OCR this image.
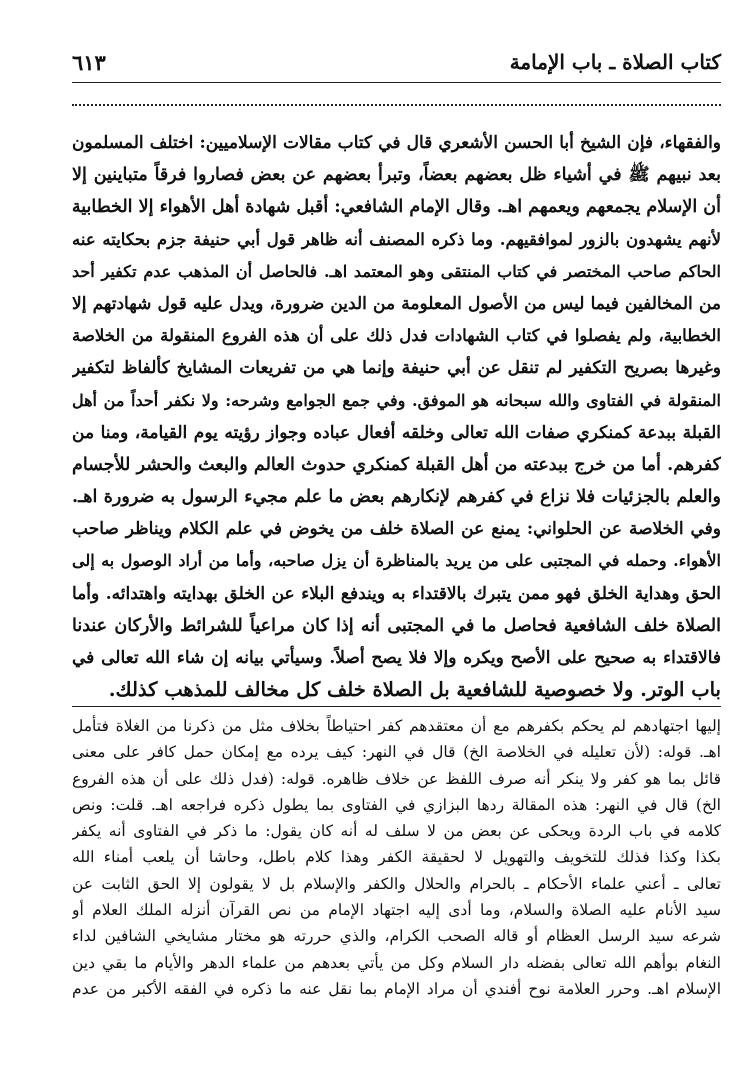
كتاب الصلاة ـ باب الإمامة
٦١٣
والفقهاء، فإن الشيخ أبا الحسن الأشعري قال في كتاب مقالات الإسلاميين: اختلف المسلمون
بعد نبيهم ﷺ في أشياء ظل بعضهم بعضاً، وتبرأ بعضهم عن بعض فصاروا فرقاً متباينين إلا
أن الإسلام يجمعهم ويعمهم اهـ. وقال الإمام الشافعي: أقبل شهادة أهل الأهواء إلا الخطابية
لأنهم يشهدون بالزور لموافقيهم. وما ذكره المصنف أنه ظاهر قول أبي حنيفة جزم بحكايته عنه
الحاكم صاحب المختصر في كتاب المنتقى وهو المعتمد اهـ. فالحاصل أن المذهب عدم تكفير أحد
من المخالفين فيما ليس من الأصول المعلومة من الدين ضرورة، ويدل عليه قول شهادتهم إلا
الخطابية، ولم يفصلوا في كتاب الشهادات فدل ذلك على أن هذه الفروع المنقولة من الخلاصة
وغيرها بصريح التكفير لم تنقل عن أبي حنيفة وإنما هي من تفريعات المشايخ كألفاظ لتكفير
المنقولة في الفتاوى والله سبحانه هو الموفق. وفي جمع الجوامع وشرحه: ولا نكفر أحداً من أهل
القبلة ببدعة كمنكري صفات الله تعالى وخلقه أفعال عباده وجواز رؤيته يوم القيامة، ومنا من
كفرهم. أما من خرج ببدعته من أهل القبلة كمنكري حدوث العالم والبعث والحشر للأجسام
والعلم بالجزئيات فلا نزاع في كفرهم لإنكارهم بعض ما علم مجيء الرسول به ضرورة اهـ.
وفي الخلاصة عن الحلواني: يمنع عن الصلاة خلف من يخوض في علم الكلام ويناظر صاحب
الأهواء. وحمله في المجتبى على من يريد بالمناظرة أن يزل صاحبه، وأما من أراد الوصول به إلى
الحق وهداية الخلق فهو ممن يتبرك بالاقتداء به ويندفع البلاء عن الخلق بهدايته واهتدائه. وأما
الصلاة خلف الشافعية فحاصل ما في المجتبى أنه إذا كان مراعياً للشرائط والأركان عندنا
فالاقتداء به صحيح على الأصح ويكره وإلا فلا يصح أصلاً. وسيأتي بيانه إن شاء الله تعالى في
باب الوتر. ولا خصوصية للشافعية بل الصلاة خلف كل مخالف للمذهب كذلك.
إليها اجتهادهم لم يحكم بكفرهم مع أن معتقدهم كفر احتياطاً بخلاف مثل من ذكرنا من الغلاة فتأمل
اهـ. قوله: (لأن تعليله في الخلاصة الخ) قال في النهر: كيف يرده مع إمكان حمل كافر على معنى
قائل بما هو كفر ولا ينكر أنه صرف اللفظ عن خلاف ظاهره. قوله: (فدل ذلك على أن هذه الفروع
الخ) قال في النهر: هذه المقالة ردها البزازي في الفتاوى بما يطول ذكره فراجعه اهـ. قلت: ونص
كلامه في باب الردة ويحكى عن بعض من لا سلف له أنه كان يقول: ما ذكر في الفتاوى أنه يكفر
بكذا وكذا فذلك للتخويف والتهويل لا لحقيقة الكفر وهذا كلام باطل، وحاشا أن يلعب أمناء الله
تعالى ـ أعني علماء الأحكام ـ بالحرام والحلال والكفر والإسلام بل لا يقولون إلا الحق الثابت عن
سيد الأنام عليه الصلاة والسلام، وما أدى إليه اجتهاد الإمام من نص القرآن أنزله الملك العلام أو
شرعه سيد الرسل العظام أو قاله الصحب الكرام، والذي حررته هو مختار مشايخي الشافين لداء
النغام بوأهم الله تعالى بفضله دار السلام وكل من يأتي بعدهم من علماء الدهر والأيام ما بقي دين
الإسلام اهـ. وحرر العلامة نوح أفندي أن مراد الإمام بما نقل عنه ما ذكره في الفقه الأكبر من عدم
